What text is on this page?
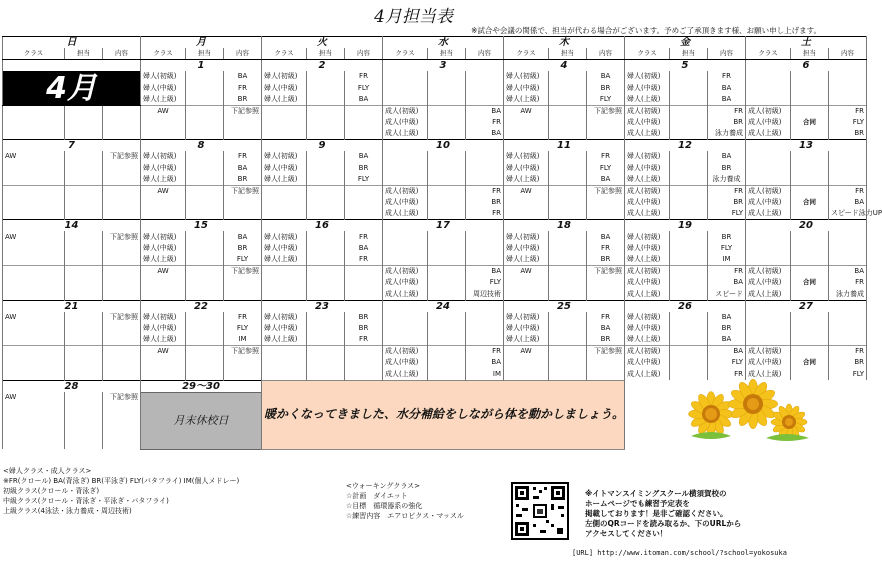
4月担当表
※試合や会議の関係で、担当が代わる場合がございます。予めご了承頂きます様、お願い申し上げます。
日			月			火			水			木			金			土		
クラス	担当	内容	クラス	担当	内容	クラス	担当	内容	クラス	担当	内容	クラス	担当	内容	クラス	担当	内容	クラス	担当	内容
			1			2			3			4			5			6		
4月			婦人(初級)		BA	婦人(初級)		FR				婦人(初級)		BA	婦人(初級)		FR			
			婦人(中級)		FR	婦人(中級)		FLY				婦人(中級)		BR	婦人(中級)		BA			
			婦人(上級)		BR	婦人(上級)		BA				婦人(上級)		FLY	婦人(上級)		BA			
			AW		下記参照				成人(初級)		BA	AW		下記参照	成人(初級)		FR	成人(初級)		FR
									成人(中級)		FR				成人(中級)		BR	成人(中級)	合同	FLY
									成人(上級)		BA				成人(上級)		泳力養成	成人(上級)		BR
7			8			9			10			11			12			13		
AW		下記参照	婦人(初級)		FR	婦人(初級)		BA				婦人(初級)		FR	婦人(初級)		BA			
			婦人(中級)		BA	婦人(中級)		BR				婦人(中級)		FLY	婦人(中級)		BR			
			婦人(上級)		BR	婦人(上級)		FLY				婦人(上級)		BA	婦人(上級)		泳力養成			
			AW		下記参照				成人(初級)		FR	AW		下記参照	成人(初級)		FR	成人(初級)		FR
									成人(中級)		BR				成人(中級)		BR	成人(中級)	合同	BA
									成人(上級)		FR				成人(上級)		FLY	成人(上級)		スピード泳力UP
14			15			16			17			18			19			20		
AW		下記参照	婦人(初級)		BA	婦人(初級)		FR				婦人(初級)		BA	婦人(初級)		BR			
			婦人(中級)		BR	婦人(中級)		BA				婦人(中級)		FR	婦人(中級)		FLY			
			婦人(上級)		FLY	婦人(上級)		FR				婦人(上級)		BR	婦人(上級)		IM			
			AW		下記参照				成人(初級)		BA	AW		下記参照	成人(初級)		FR	成人(初級)		BA
									成人(中級)		FLY				成人(中級)		BA	成人(中級)	合同	FR
									成人(上級)		周辺技術				成人(上級)		スピード	成人(上級)		泳力養成
21			22			23			24			25			26			27		
AW		下記参照	婦人(初級)		FR	婦人(初級)		BR				婦人(初級)		FR	婦人(初級)		BA			
			婦人(中級)		FLY	婦人(中級)		BR				婦人(中級)		BA	婦人(中級)		BR			
			婦人(上級)		IM	婦人(上級)		FR				婦人(上級)		BR	婦人(上級)		BA			
			AW		下記参照				成人(初級)		FR	AW		下記参照	成人(初級)		BA	成人(初級)		FR
									成人(中級)		BA				成人(中級)		FLY	成人(中級)	合同	BR
									成人(上級)		IM				成人(上級)		FR	成人(上級)		FLY
28			29〜30			暖かくなってきました、水分補給をしながら体を動かしましょう。	
AW		下記参照	月末休校日																	

<婦人クラス・成人クラス>
※FR(クロール) BA(背泳ぎ) BR(平泳ぎ) FLY(バタフライ) IM(個人メドレー)
初級クラス(クロール・背泳ぎ)
中級クラス(クロール・背泳ぎ・平泳ぎ・バタフライ)
上級クラス(4泳法・泳力養成・周辺技術)
<ウォーキングクラス>
☆計画　ダイエット
☆目標　循環器系の強化
☆練習内容　エアロビクス・マッスル
※イトマンスイミングスクール横須賀校の
ホームページでも練習予定表を
掲載しております！是非ご確認ください。
左側のQRコードを読み取るか、下のURLから
アクセスしてください！
[URL] http://www.itoman.com/school/?school=yokosuka
